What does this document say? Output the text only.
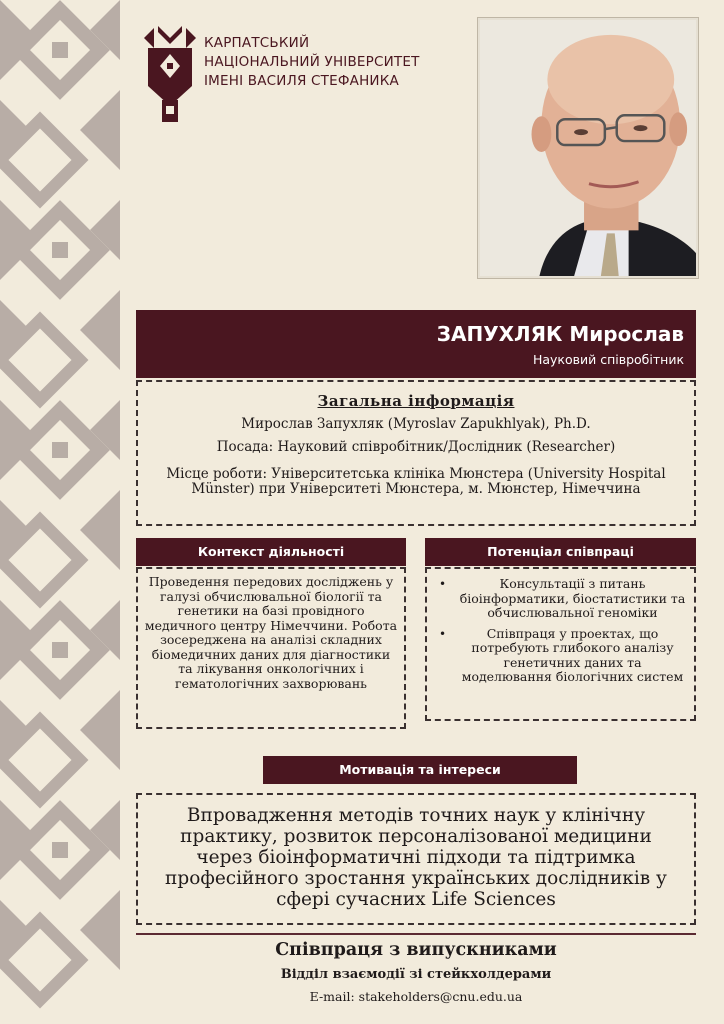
КАРПАТСЬКИЙ
НАЦІОНАЛЬНИЙ УНІВЕРСИТЕТ
ІМЕНІ ВАСИЛЯ СТЕФАНИКА
ЗАПУХЛЯК Мирослав
Науковий співробітник
Загальна інформація

Мирослав Запухляк (Myroslav Zapukhlyak), Ph.D.

Посада: Науковий співробітник/Дослідник (Researcher)

Місце роботи: Університетська клініка Мюнстера (University Hospital Münster) при Університеті Мюнстера, м. Мюнстер, Німеччина

Контекст діяльності
Проведення передових досліджень у галузі обчислювальної біології та генетики на базі провідного медичного центру Німеччини. Робота зосереджена на аналізі складних біомедичних даних для діагностики та лікування онкологічних і гематологічних захворювань
Потенціал співпраці
•	Консультації з питань біоінформатики, біостатистики та обчислювальної геноміки
•	Співпраця у проектах, що потребують глибокого аналізу генетичних даних та моделювання біологічних систем
Мотивація та інтереси
Впровадження методів точних наук у клінічну практику, розвиток персоналізованої медицини через біоінформатичні підходи та підтримка професійного зростання українських дослідників у сфері сучасних Life Sciences
Співпраця з випускниками
Відділ взаємодії зі стейкхолдерами
E-mail: stakeholders@cnu.edu.ua
